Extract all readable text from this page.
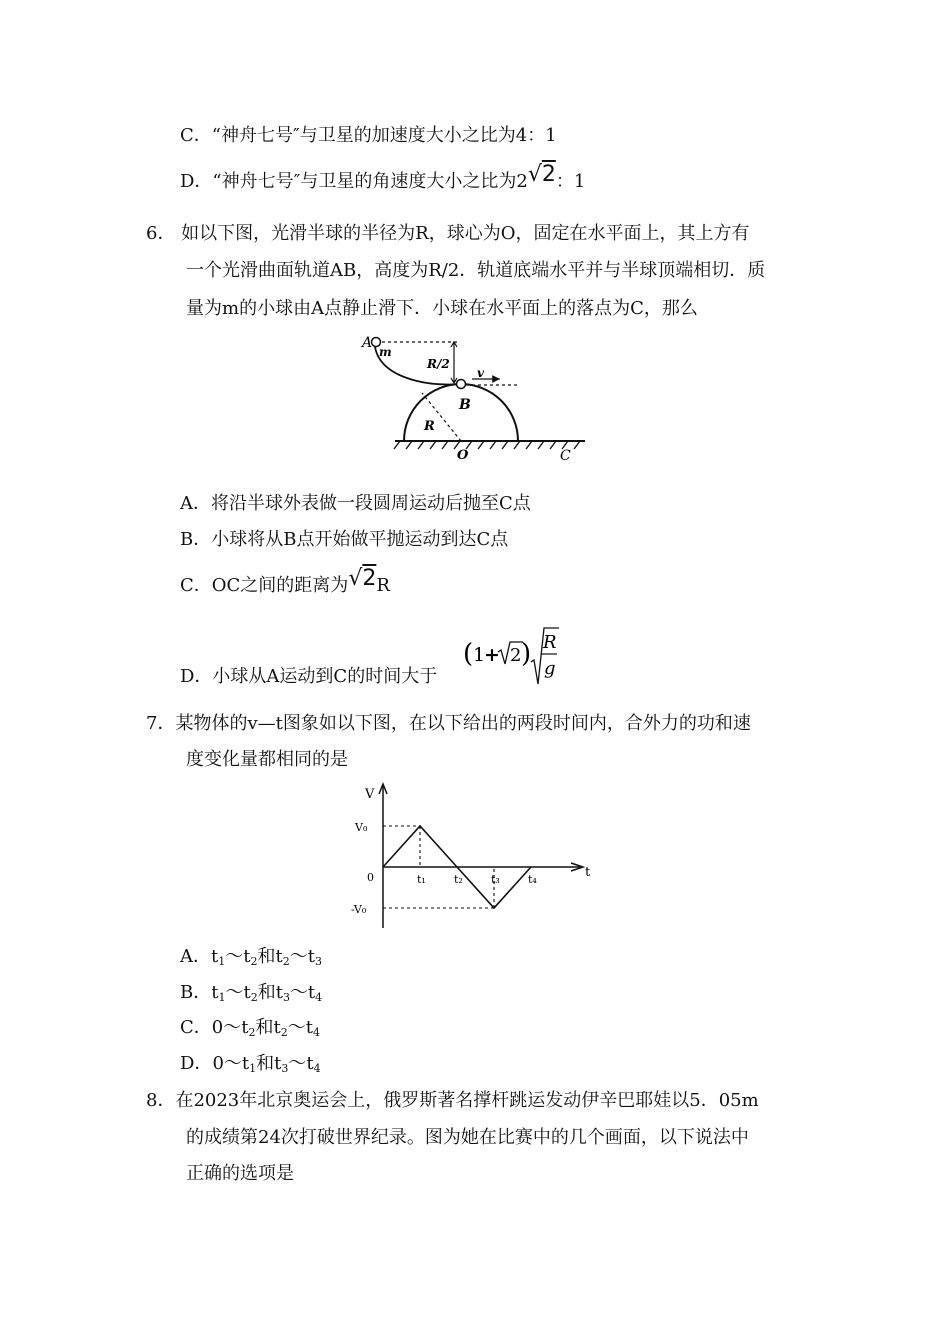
C．“神舟七号″与卫星的加速度大小之比为4：1
D．“神舟七号″与卫星的角速度大小之比为2√2：1
6． 如以下图，光滑半球的半径为R，球心为O，固定在水平面上，其上方有
一个光滑曲面轨道AB，高度为R/2．轨道底端水平并与半球顶端相切．质
量为m的小球由A点静止滑下．小球在水平面上的落点为C，那么
A
m
R/2
v
B
R
O	C
A．将沿半球外表做一段圆周运动后抛至C点
B．小球将从B点开始做平抛运动到达C点
C．OC之间的距离为√2R
D．小球从A运动到C的时间大于
( 1
+ 2 ) R
g
7．某物体的v—t图象如以下图，在以下给出的两段时间内，合外力的功和速
度变化量都相同的是
V
t
V₀
0
-V₀
t₁	t₂	t₃	t₄
A．$t_1\sim t_2$和$t_2\sim t_3$
B．$t_1\sim t_2$和$t_3\sim t_4$
C．$0\sim t_2$和$t_2\sim t_4$
D．$0\sim t_1$和$t_3\sim t_4$
8．在2023年北京奥运会上，俄罗斯著名撑杆跳运发动伊辛巴耶娃以5．05m
的成绩第24次打破世界纪录。图为她在比赛中的几个画面，以下说法中
正确的选项是
